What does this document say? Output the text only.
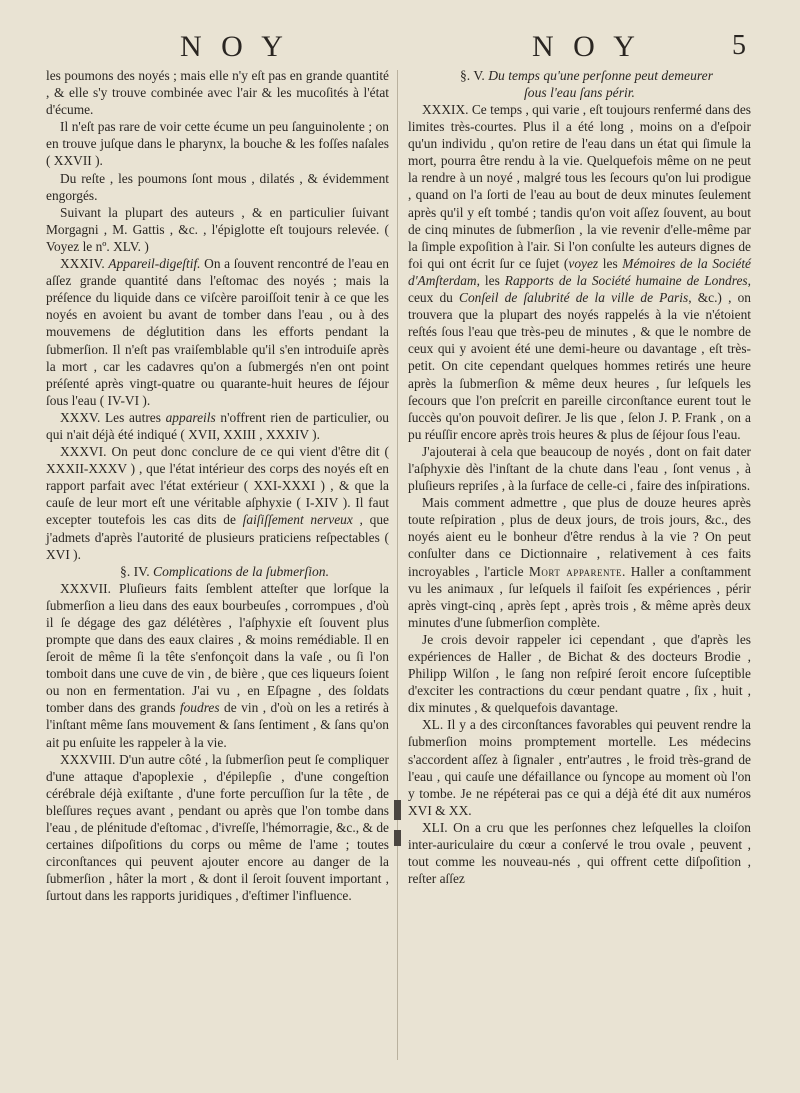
N O Y	N O Y	5

les poumons des noyés ; mais elle n'y eſt pas en grande quantité , & elle s'y trouve combinée avec l'air & les mucoſités à l'état d'écume.

Il n'eſt pas rare de voir cette écume un peu ſanguinolente ; on en trouve juſque dans le pharynx, la bouche & les foſſes naſales ( XXVII ).

Du reſte , les poumons ſont mous , dilatés , & évidemment engorgés.

Suivant la plupart des auteurs , & en particulier ſuivant Morgagni , M. Gattis , &c. , l'épiglotte eſt toujours relevée. ( Voyez le nº. XLV. )

XXXIV. Appareil-digeſtif. On a ſouvent rencontré de l'eau en aſſez grande quantité dans l'eſtomac des noyés ; mais la préſence du liquide dans ce viſcère paroiſſoit tenir à ce que les noyés en avoient bu avant de tomber dans l'eau , ou à des mouvemens de déglutition dans les efforts pendant la ſubmerſion. Il n'eſt pas vraiſemblable qu'il s'en introduiſe après la mort , car les cadavres qu'on a ſubmergés n'en ont point préſenté après vingt-quatre ou quarante-huit heures de ſéjour ſous l'eau ( IV-VI ).

XXXV. Les autres appareils n'offrent rien de particulier, ou qui n'ait déjà été indiqué ( XVII, XXIII , XXXIV ).

XXXVI. On peut donc conclure de ce qui vient d'être dit ( XXXII-XXXV ) , que l'état intérieur des corps des noyés eſt en rapport parfait avec l'état extérieur ( XXI-XXXI ) , & que la cauſe de leur mort eſt une véritable aſphyxie ( I-XIV ). Il faut excepter toutefois les cas dits de ſaiſiſſement nerveux , que j'admets d'après l'autorité de plusieurs praticiens reſpectables ( XVI ).

§. IV. Complications de la ſubmerſion.

XXXVII. Pluſieurs faits ſemblent atteſter que lorſque la ſubmerſion a lieu dans des eaux bourbeuſes , corrompues , d'où il ſe dégage des gaz délétères , l'aſphyxie eſt ſouvent plus prompte que dans des eaux claires , & moins remédiable. Il en ſeroit de même ſi la tête s'enfonçoit dans la vaſe , ou ſi l'on tomboit dans une cuve de vin , de bière , que ces liqueurs ſoient ou non en fermentation. J'ai vu , en Eſpagne , des ſoldats tomber dans des grands foudres de vin , d'où on les a retirés à l'inſtant même ſans mouvement & ſans ſentiment , & ſans qu'on ait pu enſuite les rappeler à la vie.

XXXVIII. D'un autre côté , la ſubmerſion peut ſe compliquer d'une attaque d'apoplexie , d'épilepſie , d'une congeſtion cérébrale déjà exiſtante , d'une forte percuſſion ſur la tête , de bleſſures reçues avant , pendant ou après que l'on tombe dans l'eau , de plénitude d'eſtomac , d'ivreſſe, l'hémorragie, &c., & de certaines diſpoſitions du corps ou même de l'ame ; toutes circonſtances qui peuvent ajouter encore au danger de la ſubmerſion , hâter la mort , & dont il ſeroit ſouvent important , ſurtout dans les rapports juridiques , d'eſtimer l'influence.

§. V. Du temps qu'une perſonne peut demeurer
ſous l'eau ſans périr.

XXXIX. Ce temps , qui varie , eſt toujours renfermé dans des limites très-courtes. Plus il a été long , moins on a d'eſpoir qu'un individu , qu'on retire de l'eau dans un état qui ſimule la mort, pourra être rendu à la vie. Quelquefois même on ne peut la rendre à un noyé , malgré tous les ſecours qu'on lui prodigue , quand on l'a ſorti de l'eau au bout de deux minutes ſeulement après qu'il y eſt tombé ; tandis qu'on voit aſſez ſouvent, au bout de cinq minutes de ſubmerſion , la vie revenir d'elle-même par la ſimple expoſition à l'air. Si l'on conſulte les auteurs dignes de foi qui ont écrit ſur ce ſujet (voyez les Mémoires de la Société d'Amſterdam, les Rapports de la Société humaine de Londres, ceux du Conſeil de ſalubrité de la ville de Paris, &c.) , on trouvera que la plupart des noyés rappelés à la vie n'étoient reſtés ſous l'eau que très-peu de minutes , & que le nombre de ceux qui y avoient été une demi-heure ou davantage , eſt très-petit. On cite cependant quelques hommes retirés une heure après la ſubmerſion & même deux heures , ſur leſquels les ſecours que l'on preſcrit en pareille circonſtance eurent tout le ſuccès qu'on pouvoit deſirer. Je lis que , ſelon J. P. Frank , on a pu réuſſir encore après trois heures & plus de ſéjour ſous l'eau.

J'ajouterai à cela que beaucoup de noyés , dont on fait dater l'aſphyxie dès l'inſtant de la chute dans l'eau , ſont venus , à pluſieurs repriſes , à la ſurface de celle-ci , faire des inſpirations.

Mais comment admettre , que plus de douze heures après toute reſpiration , plus de deux jours, de trois jours, &c., des noyés aient eu le bonheur d'être rendus à la vie ? On peut conſulter dans ce Dictionnaire , relativement à ces faits incroyables , l'article Mort apparente. Haller a conſtamment vu les animaux , ſur leſquels il faiſoit ſes expériences , périr après vingt-cinq , après ſept , après trois , & même après deux minutes d'une ſubmerſion complète.

Je crois devoir rappeler ici cependant , que d'après les expériences de Haller , de Bichat & des docteurs Brodie , Philipp Wilſon , le ſang non reſpiré ſeroit encore ſuſceptible d'exciter les contractions du cœur pendant quatre , ſix , huit , dix minutes , & quelquefois davantage.

XL. Il y a des circonſtances favorables qui peuvent rendre la ſubmerſion moins promptement mortelle. Les médecins s'accordent aſſez à ſignaler , entr'autres , le froid très-grand de l'eau , qui cauſe une défaillance ou ſyncope au moment où l'on y tombe. Je ne répéterai pas ce qui a déjà été dit aux numéros XVI & XX.

XLI. On a cru que les perſonnes chez leſquelles la cloiſon inter-auriculaire du cœur a conſervé le trou ovale , peuvent , tout comme les nouveau-nés , qui offrent cette diſpoſition , reſter aſſez
